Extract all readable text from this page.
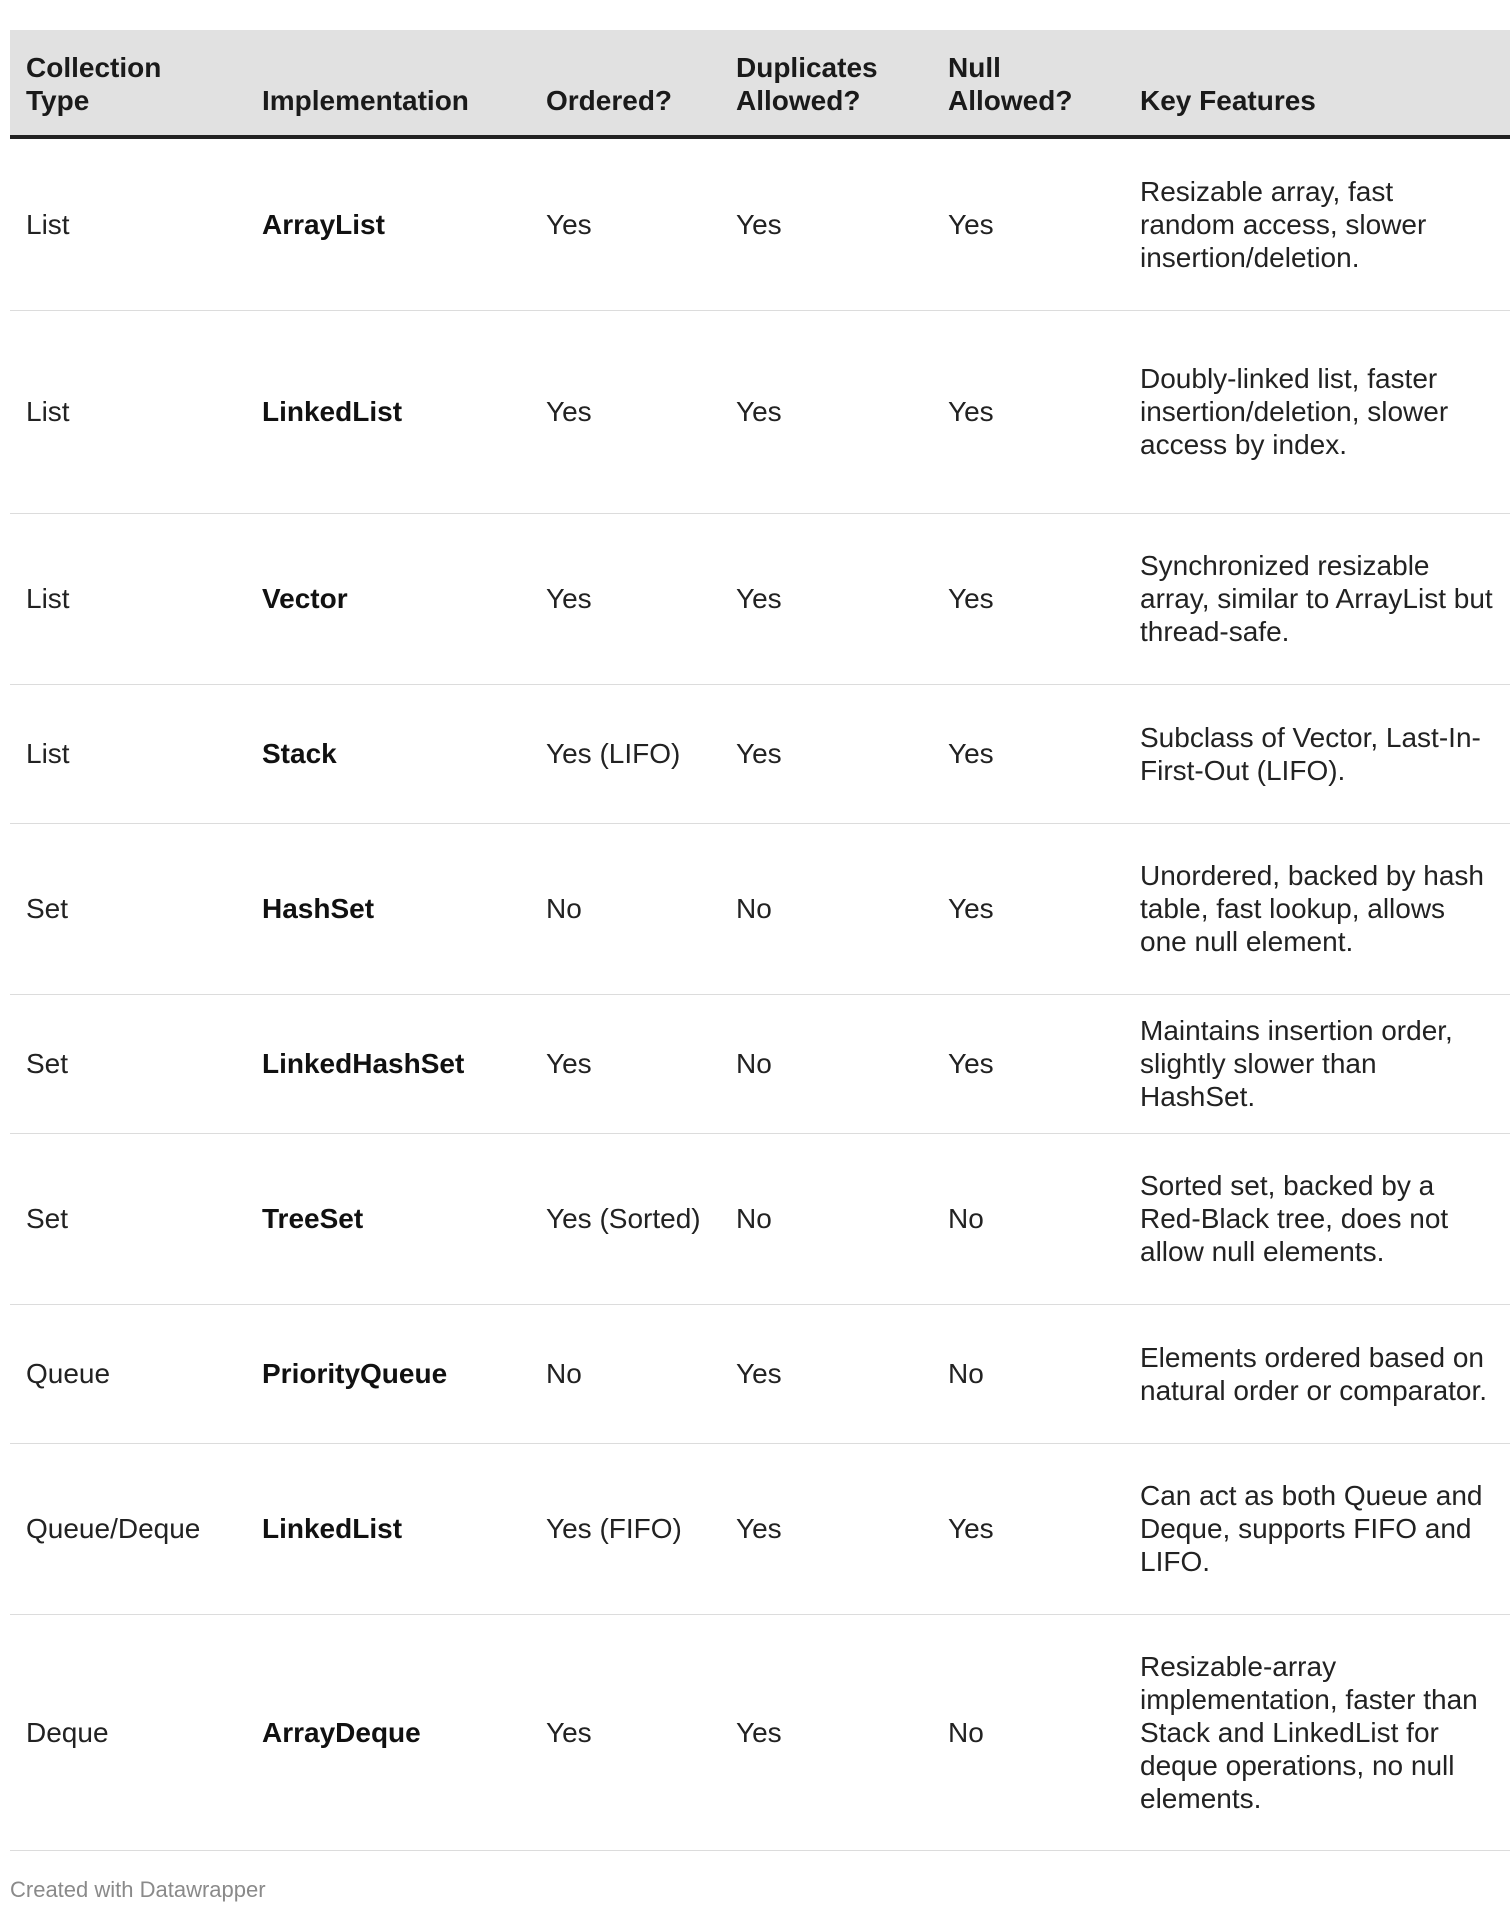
Collection Type	Implementation	Ordered?	Duplicates Allowed?	Null Allowed?	Key Features
List	ArrayList	Yes	Yes	Yes	Resizable array, fast random access, slower insertion/deletion.
List	LinkedList	Yes	Yes	Yes	Doubly-linked list, faster insertion/deletion, slower access by index.
List	Vector	Yes	Yes	Yes	Synchronized resizable array, similar to ArrayList but thread-safe.
List	Stack	Yes (LIFO)	Yes	Yes	Subclass of Vector, Last-In-First-Out (LIFO).
Set	HashSet	No	No	Yes	Unordered, backed by hash table, fast lookup, allows one null element.
Set	LinkedHashSet	Yes	No	Yes	Maintains insertion order, slightly slower than HashSet.
Set	TreeSet	Yes (Sorted)	No	No	Sorted set, backed by a Red-Black tree, does not allow null elements.
Queue	PriorityQueue	No	Yes	No	Elements ordered based on natural order or comparator.
Queue/Deque	LinkedList	Yes (FIFO)	Yes	Yes	Can act as both Queue and Deque, supports FIFO and LIFO.
Deque	ArrayDeque	Yes	Yes	No	Resizable-array implementation, faster than Stack and LinkedList for deque operations, no null elements.
Created with Datawrapper
